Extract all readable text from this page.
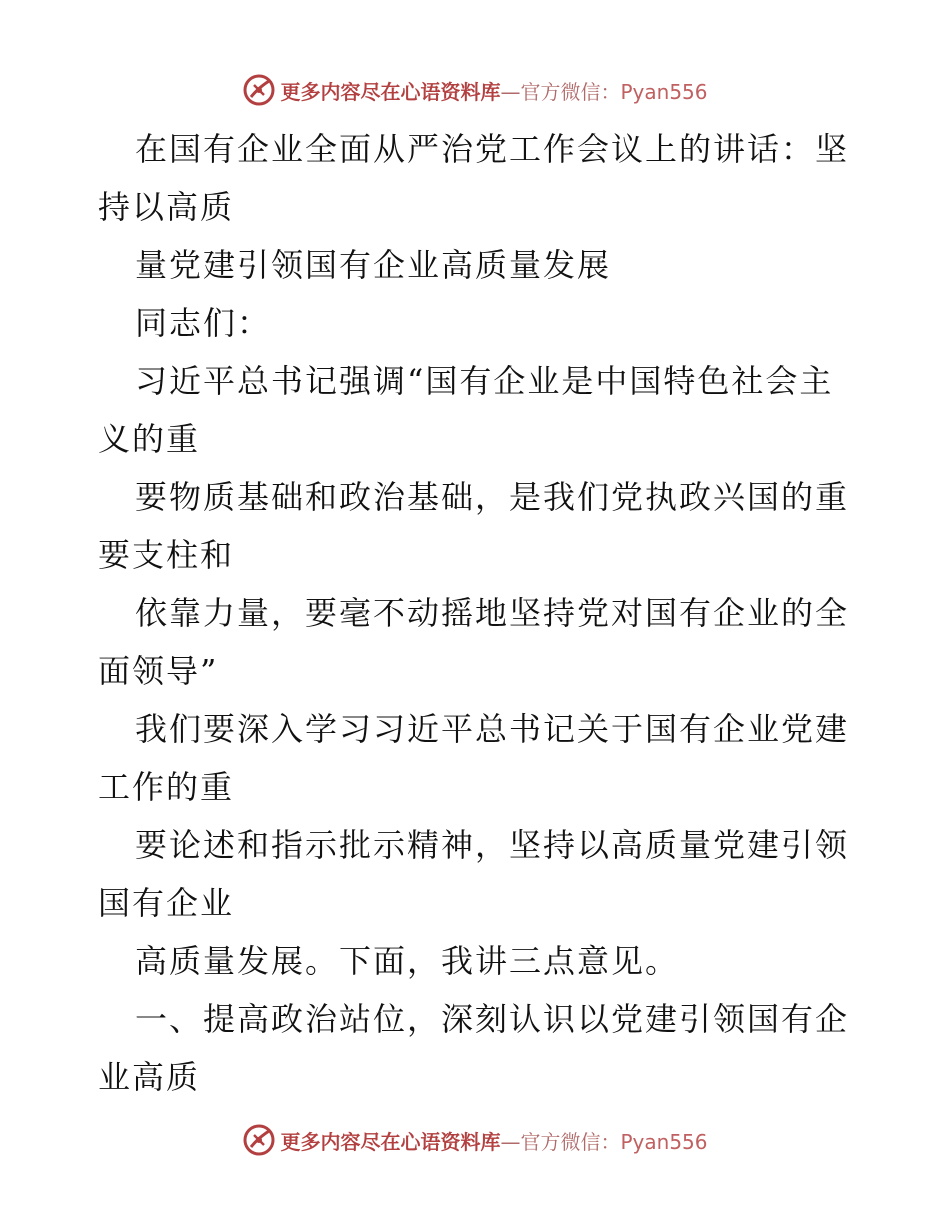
更多内容尽在心语资料库—官方微信：Pyan556
在国有企业全面从严治党工作会议上的讲话：坚
持以高质
量党建引领国有企业高质量发展
同志们：
习近平总书记强调“国有企业是中国特色社会主
义的重
要物质基础和政治基础，是我们党执政兴国的重
要支柱和
依靠力量，要毫不动摇地坚持党对国有企业的全
面领导”
我们要深入学习习近平总书记关于国有企业党建
工作的重
要论述和指示批示精神，坚持以高质量党建引领
国有企业
高质量发展。下面，我讲三点意见。
一、提高政治站位，深刻认识以党建引领国有企
业高质
更多内容尽在心语资料库—官方微信：Pyan556
